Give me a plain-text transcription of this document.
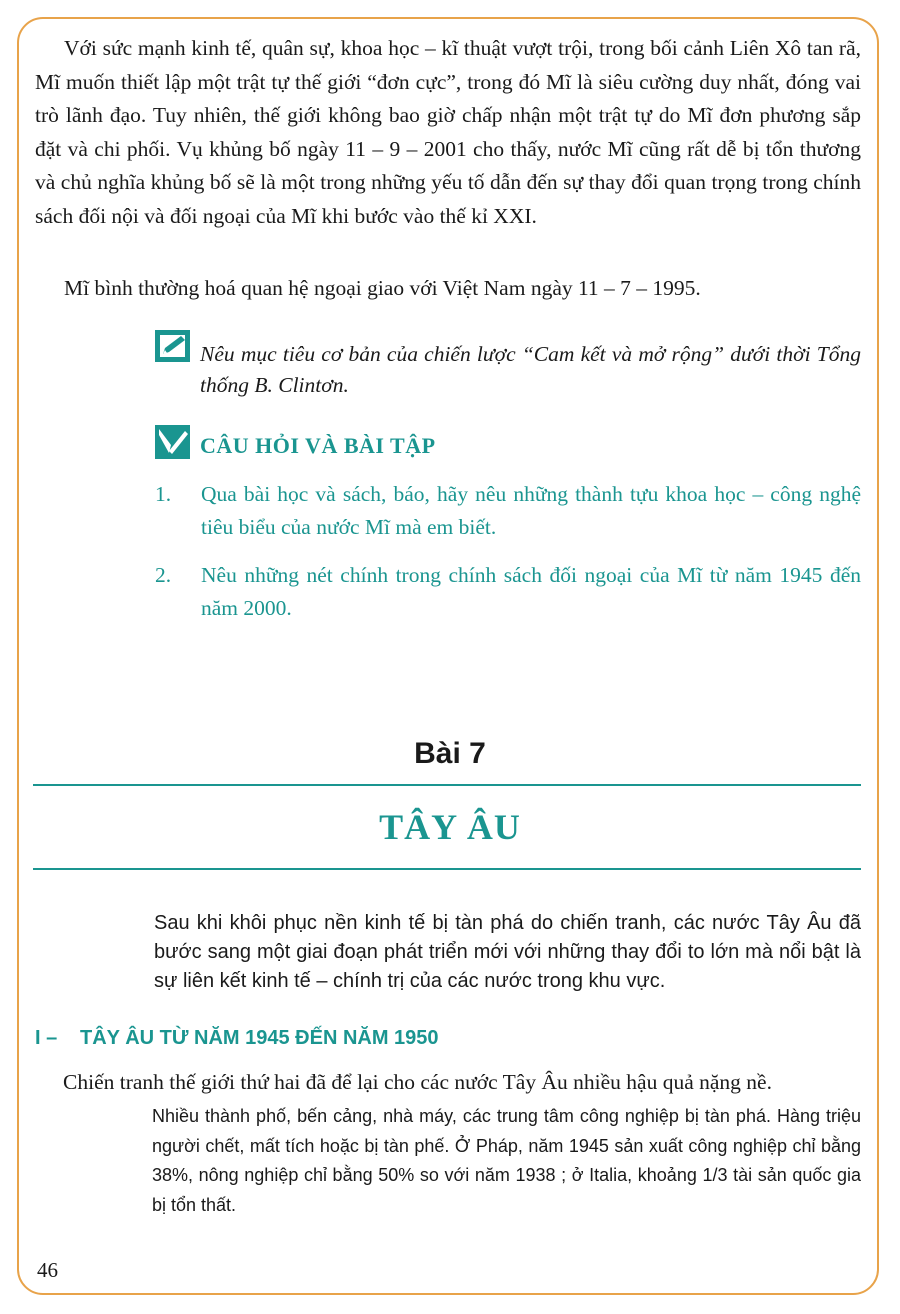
Với sức mạnh kinh tế, quân sự, khoa học – kĩ thuật vượt trội, trong bối cảnh Liên Xô tan rã, Mĩ muốn thiết lập một trật tự thế giới “đơn cực”, trong đó Mĩ là siêu cường duy nhất, đóng vai trò lãnh đạo. Tuy nhiên, thế giới không bao giờ chấp nhận một trật tự do Mĩ đơn phương sắp đặt và chi phối. Vụ khủng bố ngày 11 – 9 – 2001 cho thấy, nước Mĩ cũng rất dễ bị tổn thương và chủ nghĩa khủng bố sẽ là một trong những yếu tố dẫn đến sự thay đổi quan trọng trong chính sách đối nội và đối ngoại của Mĩ khi bước vào thế kỉ XXI.

Mĩ bình thường hoá quan hệ ngoại giao với Việt Nam ngày 11 – 7 – 1995.

Nêu mục tiêu cơ bản của chiến lược “Cam kết và mở rộng” dưới thời Tổng thống B. Clintơn.

CÂU HỎI VÀ BÀI TẬP

1. Qua bài học và sách, báo, hãy nêu những thành tựu khoa học – công nghệ tiêu biểu của nước Mĩ mà em biết.
2. Nêu những nét chính trong chính sách đối ngoại của Mĩ từ năm 1945 đến năm 2000.

Bài 7

TÂY ÂU

Sau khi khôi phục nền kinh tế bị tàn phá do chiến tranh, các nước Tây Âu đã bước sang một giai đoạn phát triển mới với những thay đổi to lớn mà nổi bật là sự liên kết kinh tế – chính trị của các nước trong khu vực.

I – TÂY ÂU TỪ NĂM 1945 ĐẾN NĂM 1950

Chiến tranh thế giới thứ hai đã để lại cho các nước Tây Âu nhiều hậu quả nặng nề.

Nhiều thành phố, bến cảng, nhà máy, các trung tâm công nghiệp bị tàn phá. Hàng triệu người chết, mất tích hoặc bị tàn phế. Ở Pháp, năm 1945 sản xuất công nghiệp chỉ bằng 38%, nông nghiệp chỉ bằng 50% so với năm 1938 ; ở Italia, khoảng 1/3 tài sản quốc gia bị tổn thất.

46
